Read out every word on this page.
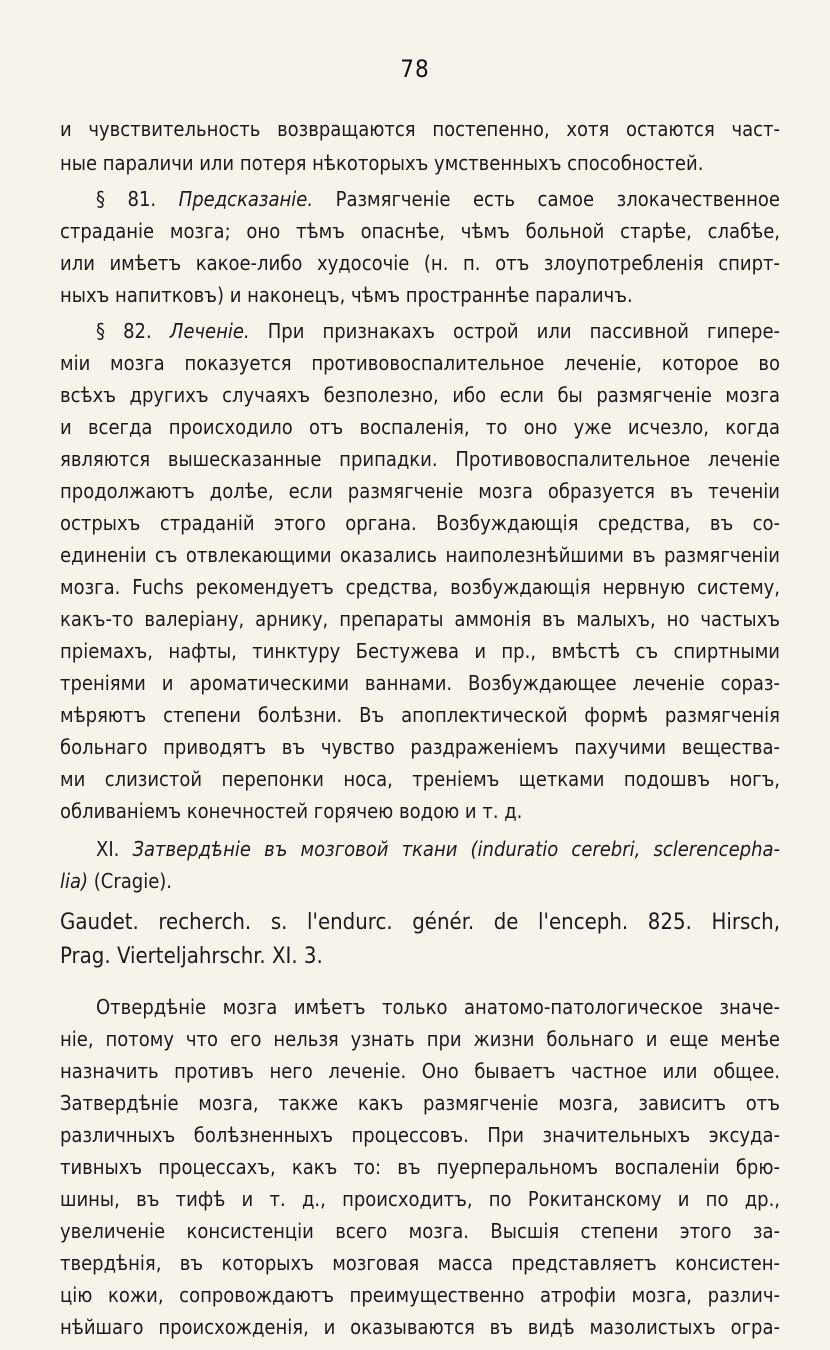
78
и чувствительность возвращаются постепенно, хотя остаются част-
ные параличи или потеря нѣкоторыхъ умственныхъ способностей.
§ 81. Предсказаніе. Размягченіе есть самое злокачественное
страданіе мозга; оно тѣмъ опаснѣе, чѣмъ больной старѣе, слабѣе,
или имѣетъ какое-либо худосочіе (н. п. отъ злоупотребленія спирт-
ныхъ напитковъ) и наконецъ, чѣмъ пространнѣе параличъ.
§ 82. Леченіе. При признакахъ острой или пассивной гипере-
міи мозга показуется противовоспалительное леченіе, которое во
всѣхъ другихъ случаяхъ безполезно, ибо если бы размягченіе мозга
и всегда происходило отъ воспаленія, то оно уже исчезло, когда
являются вышесказанные припадки. Противовоспалительное леченіе
продолжаютъ долѣе, если размягченіе мозга образуется въ теченіи
острыхъ страданій этого органа. Возбуждающія средства, въ со-
единеніи съ отвлекающими оказались наиполезнѣйшими въ размягченіи
мозга. Fuchs рекомендуетъ средства, возбуждающія нервную систему,
какъ-то валеріану, арнику, препараты аммонія въ малыхъ, но частыхъ
пріемахъ, нафты, тинктуру Бестужева и пр., вмѣстѣ съ спиртными
треніями и ароматическими ваннами. Возбуждающее леченіе сораз-
мѣряютъ степени болѣзни. Въ апоплектической формѣ размягченія
больнаго приводятъ въ чувство раздраженіемъ пахучими вещества-
ми слизистой перепонки носа, треніемъ щетками подошвъ ногъ,
обливаніемъ конечностей горячею водою и т. д.
XI. Затвердѣніе въ мозговой ткани (induratio cerebri, sclerencepha-
lia) (Cragie).
Gaudet. recherch. s. l'endurc. génér. de l'enceph. 825. Hirsch,
Prag. Vierteljahrschr. XI. 3.
Отвердѣніе мозга имѣетъ только анатомо-патологическое значе-
ніе, потому что его нельзя узнать при жизни больнаго и еще менѣе
назначить противъ него леченіе. Оно бываетъ частное или общее.
Затвердѣніе мозга, также какъ размягченіе мозга, зависитъ отъ
различныхъ болѣзненныхъ процессовъ. При значительныхъ эксуда-
тивныхъ процессахъ, какъ то: въ пуерперальномъ воспаленіи брю-
шины, въ тифѣ и т. д., происходитъ, по Рокитанскому и по др.,
увеличеніе консистенціи всего мозга. Высшія степени этого за-
твердѣнія, въ которыхъ мозговая масса представляетъ консистен-
цію кожи, сопровождаютъ преимущественно атрофіи мозга, различ-
нѣйшаго происхожденія, и оказываются въ видѣ мазолистыхъ огра-
